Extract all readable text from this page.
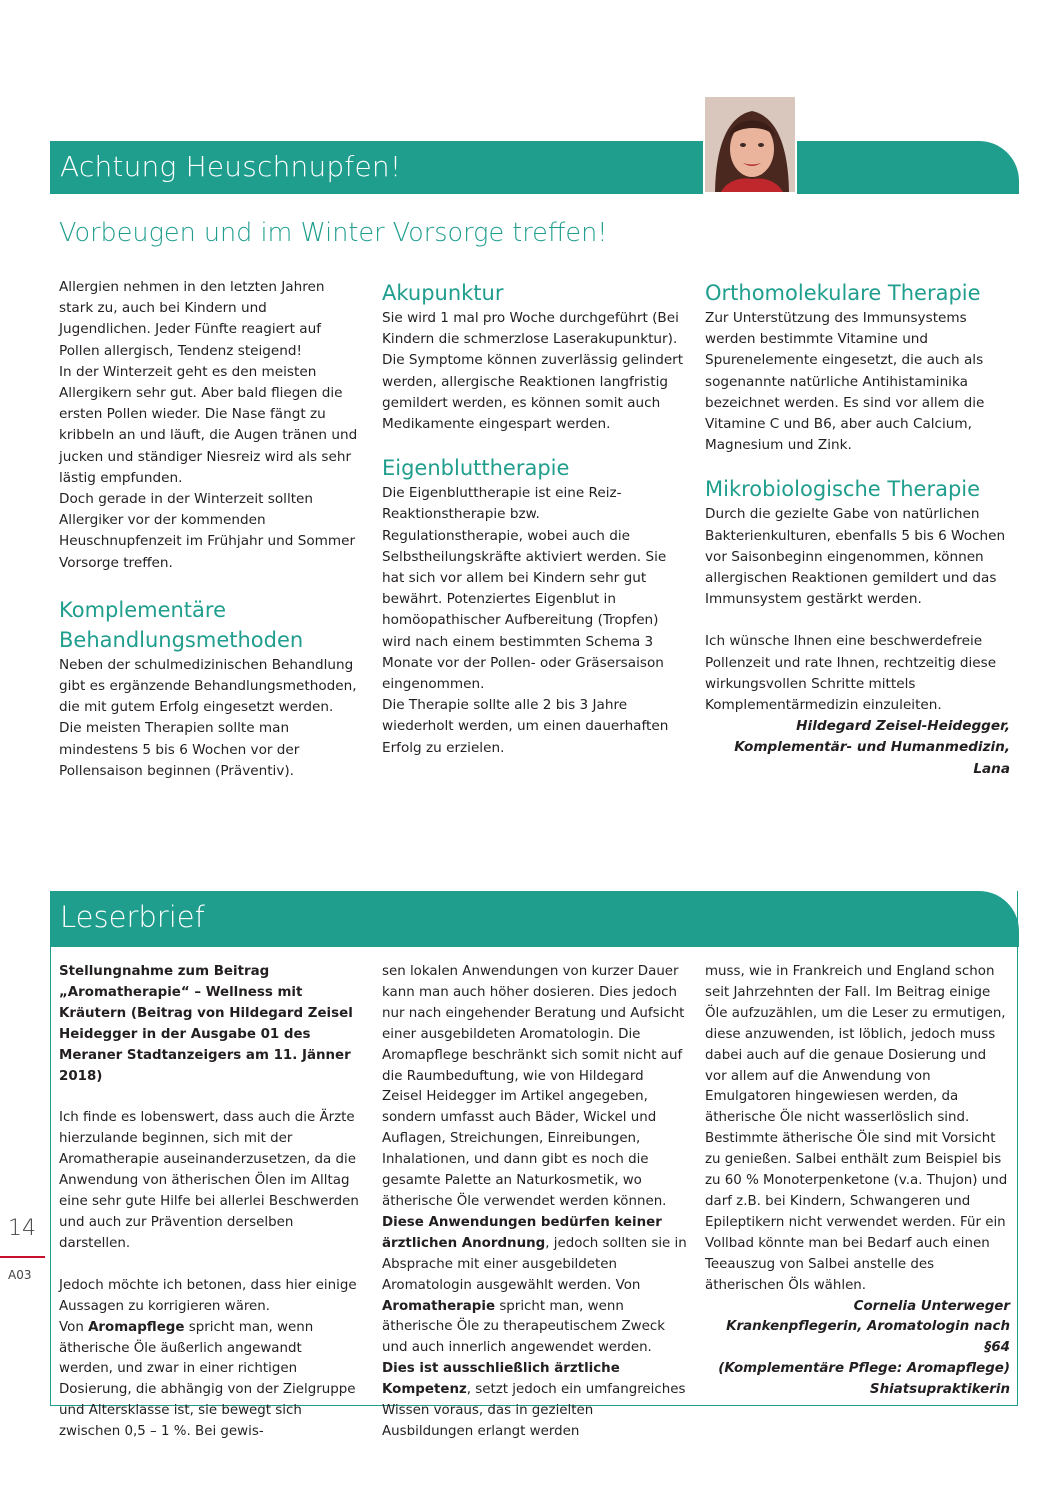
Achtung Heuschnupfen!
Vorbeugen und im Winter Vorsorge treffen!

Allergien nehmen in den letzten Jahren stark zu, auch bei Kindern und Jugendlichen. Jeder Fünfte reagiert auf Pollen allergisch, Tendenz steigend!

In der Winterzeit geht es den meisten Allergikern sehr gut. Aber bald fliegen die ersten Pollen wieder. Die Nase fängt zu kribbeln an und läuft, die Augen tränen und jucken und ständiger Niesreiz wird als sehr lästig empfunden.

Doch gerade in der Winterzeit sollten Allergiker vor der kommenden Heuschnupfenzeit im Frühjahr und Sommer Vorsorge treffen.

Komplementäre Behandlungsmethoden

Neben der schulmedizinischen Behandlung gibt es ergänzende Behandlungsmethoden, die mit gutem Erfolg eingesetzt werden. Die meisten Therapien sollte man mindestens 5 bis 6 Wochen vor der Pollensaison beginnen (Präventiv).

Akupunktur

Sie wird 1 mal pro Woche durchgeführt (Bei Kindern die schmerzlose Laserakupunktur). Die Symptome können zuverlässig gelindert werden, allergische Reaktionen langfristig gemildert werden, es können somit auch Medikamente eingespart werden.

Eigenbluttherapie

Die Eigenbluttherapie ist eine Reiz-Reaktionstherapie bzw. Regulationstherapie, wobei auch die Selbstheilungskräfte aktiviert werden. Sie hat sich vor allem bei Kindern sehr gut bewährt. Potenziertes Eigenblut in homöopathischer Aufbereitung (Tropfen) wird nach einem bestimmten Schema 3 Monate vor der Pollen- oder Gräsersaison eingenommen.

Die Therapie sollte alle 2 bis 3 Jahre wiederholt werden, um einen dauerhaften Erfolg zu erzielen.

Orthomolekulare Therapie

Zur Unterstützung des Immunsystems werden bestimmte Vitamine und Spurenelemente eingesetzt, die auch als sogenannte natürliche Antihistaminika bezeichnet werden. Es sind vor allem die Vitamine C und B6, aber auch Calcium, Magnesium und Zink.

Mikrobiologische Therapie

Durch die gezielte Gabe von natürlichen Bakterienkulturen, ebenfalls 5 bis 6 Wochen vor Saisonbeginn eingenommen, können allergischen Reaktionen gemildert und das Immunsystem gestärkt werden.

Ich wünsche Ihnen eine beschwerdefreie Pollenzeit und rate Ihnen, rechtzeitig diese wirkungsvollen Schritte mittels Komplementärmedizin einzuleiten.

Hildegard Zeisel-Heidegger,

Komplementär- und Humanmedizin, Lana

Leserbrief

Stellungnahme zum Beitrag „Aromatherapie“ – Wellness mit Kräutern (Beitrag von Hildegard Zeisel Heidegger in der Ausgabe 01 des Meraner Stadtanzeigers am 11. Jänner 2018)

Ich finde es lobenswert, dass auch die Ärzte hierzulande beginnen, sich mit der Aromatherapie auseinanderzusetzen, da die Anwendung von ätherischen Ölen im Alltag eine sehr gute Hilfe bei allerlei Beschwerden und auch zur Prävention derselben darstellen.

Jedoch möchte ich betonen, dass hier einige Aussagen zu korrigieren wären.

Von Aromapflege spricht man, wenn ätherische Öle äußerlich angewandt werden, und zwar in einer richtigen Dosierung, die abhängig von der Zielgruppe und Altersklasse ist, sie bewegt sich zwischen 0,5 – 1 %. Bei gewis-

sen lokalen Anwendungen von kurzer Dauer kann man auch höher dosieren. Dies jedoch nur nach eingehender Beratung und Aufsicht einer ausgebildeten Aromatologin. Die Aromapflege beschränkt sich somit nicht auf die Raumbeduftung, wie von Hildegard Zeisel Heidegger im Artikel angegeben, sondern umfasst auch Bäder, Wickel und Auflagen, Streichungen, Einreibungen, Inhalationen, und dann gibt es noch die gesamte Palette an Naturkosmetik, wo ätherische Öle verwendet werden können. Diese Anwendungen bedürfen keiner ärztlichen Anordnung, jedoch sollten sie in Absprache mit einer ausgebildeten Aromatologin ausgewählt werden. Von Aromatherapie spricht man, wenn ätherische Öle zu therapeutischem Zweck und auch innerlich angewendet werden. Dies ist ausschließlich ärztliche Kompetenz, setzt jedoch ein umfangreiches Wissen voraus, das in gezielten Ausbildungen erlangt werden

muss, wie in Frankreich und England schon seit Jahrzehnten der Fall. Im Beitrag einige Öle aufzuzählen, um die Leser zu ermutigen, diese anzuwenden, ist löblich, jedoch muss dabei auch auf die genaue Dosierung und vor allem auf die Anwendung von Emulgatoren hingewiesen werden, da ätherische Öle nicht wasserlöslich sind. Bestimmte ätherische Öle sind mit Vorsicht zu genießen. Salbei enthält zum Beispiel bis zu 60 % Monoterpenketone (v.a. Thujon) und darf z.B. bei Kindern, Schwangeren und Epileptikern nicht verwendet werden. Für ein Vollbad könnte man bei Bedarf auch einen Teeauszug von Salbei anstelle des ätherischen Öls wählen.

Cornelia Unterweger

Krankenpflegerin, Aromatologin nach §64

(Komplementäre Pflege: Aromapflege)

Shiatsupraktikerin

14
A03
